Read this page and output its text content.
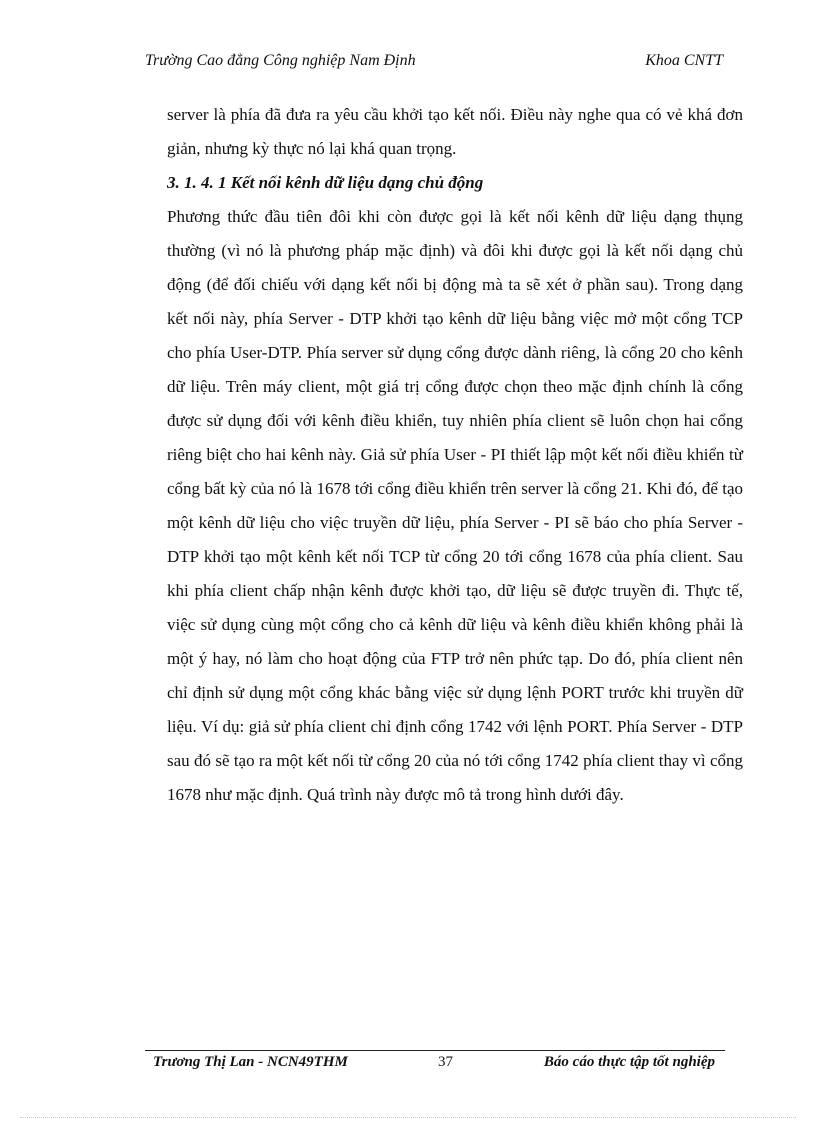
Trường Cao đẳng Công nghiệp Nam Định	Khoa CNTT

server là phía đã đưa ra yêu cầu khởi tạo kết nối. Điều này nghe qua có vẻ khá đơn giản, nhưng kỳ thực nó lại khá quan trọng.

3. 1. 4. 1 Kết nối kênh dữ liệu dạng chủ động

Phương thức đầu tiên đôi khi còn được gọi là kết nối kênh dữ liệu dạng thụng thường (vì nó là phương pháp mặc định) và đôi khi được gọi là kết nối dạng chủ động (để đối chiếu với dạng kết nối bị động mà ta sẽ xét ở phần sau). Trong dạng kết nối này, phía Server - DTP khởi tạo kênh dữ liệu bằng việc mở một cổng TCP cho phía User-DTP. Phía server sử dụng cổng được dành riêng, là cổng 20 cho kênh dữ liệu. Trên máy client, một giá trị cổng được chọn theo mặc định chính là cổng được sử dụng đối với kênh điều khiển, tuy nhiên phía client sẽ luôn chọn hai cổng riêng biệt cho hai kênh này. Giả sử phía User - PI thiết lập một kết nối điều khiển từ cổng bất kỳ của nó là 1678 tới cổng điều khiển trên server là cổng 21. Khi đó, để tạo một kênh dữ liệu cho việc truyền dữ liệu, phía Server - PI sẽ báo cho phía Server - DTP khởi tạo một kênh kết nối TCP từ cổng 20 tới cổng 1678 của phía client. Sau khi phía client chấp nhận kênh được khởi tạo, dữ liệu sẽ được truyền đi. Thực tế, việc sử dụng cùng một cổng cho cả kênh dữ liệu và kênh điều khiển không phải là một ý hay, nó làm cho hoạt động của FTP trở nên phức tạp. Do đó, phía client nên chỉ định sử dụng một cổng khác bằng việc sử dụng lệnh PORT trước khi truyền dữ liệu. Ví dụ: giả sử phía client chỉ định cổng 1742 với lệnh PORT. Phía Server - DTP sau đó sẽ tạo ra một kết nối từ cổng 20 của nó tới cổng 1742 phía client thay vì cổng 1678 như mặc định. Quá trình này được mô tả trong hình dưới đây.

Trương Thị Lan - NCN49THM	37	Báo cáo thực tập tốt nghiệp
